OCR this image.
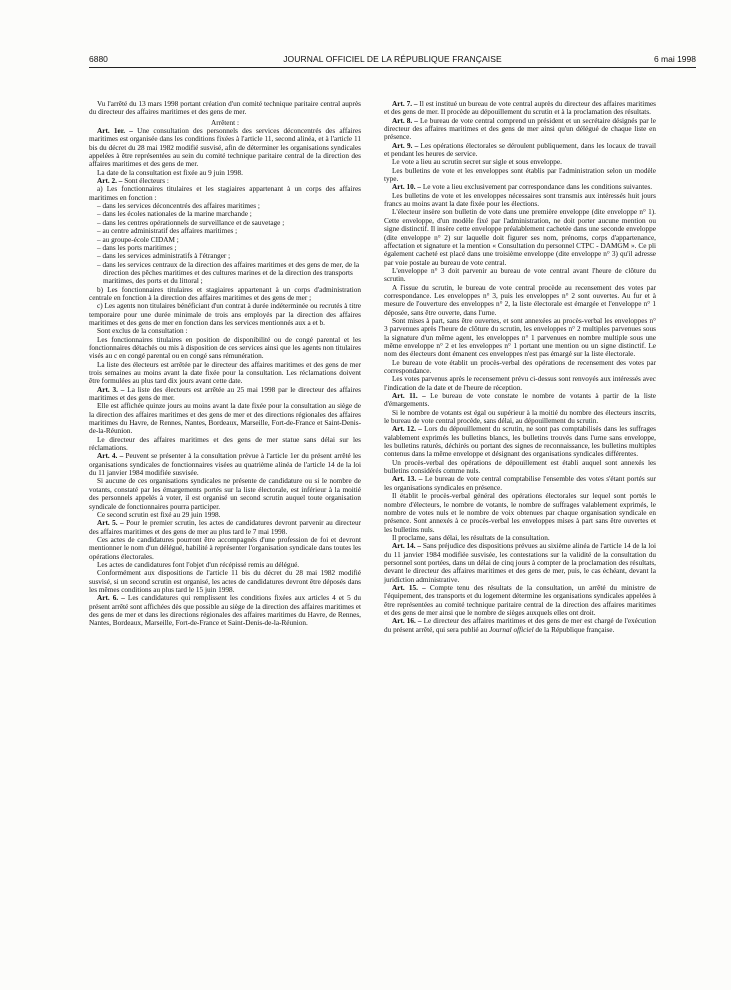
6880	JOURNAL OFFICIEL DE LA RÉPUBLIQUE FRANÇAISE	6 mai 1998

Vu l'arrêté du 13 mars 1998 portant création d'un comité technique paritaire central auprès du directeur des affaires maritimes et des gens de mer.

Arrêtent :

Art. 1er. – Une consultation des personnels des services déconcentrés des affaires maritimes est organisée dans les conditions fixées à l'article 11, second alinéa, et à l'article 11 bis du décret du 28 mai 1982 modifié susvisé, afin de déterminer les organisations syndicales appelées à être représentées au sein du comité technique paritaire central de la direction des affaires maritimes et des gens de mer.

La date de la consultation est fixée au 9 juin 1998.

Art. 2. – Sont électeurs :

a) Les fonctionnaires titulaires et les stagiaires appartenant à un corps des affaires maritimes en fonction :

– dans les services déconcentrés des affaires maritimes ;
– dans les écoles nationales de la marine marchande ;
– dans les centres opérationnels de surveillance et de sauvetage ;
– au centre administratif des affaires maritimes ;
– au groupe-école CIDAM ;
– dans les ports maritimes ;
– dans les services administratifs à l'étranger ;
– dans les services centraux de la direction des affaires maritimes et des gens de mer, de la direction des pêches maritimes et des cultures marines et de la direction des transports maritimes, des ports et du littoral ;

b) Les fonctionnaires titulaires et stagiaires appartenant à un corps d'administration centrale en fonction à la direction des affaires maritimes et des gens de mer ;

c) Les agents non titulaires bénéficiant d'un contrat à durée indéterminée ou recrutés à titre temporaire pour une durée minimale de trois ans employés par la direction des affaires maritimes et des gens de mer en fonction dans les services mentionnés aux a et b.

Sont exclus de la consultation :

Les fonctionnaires titulaires en position de disponibilité ou de congé parental et les fonctionnaires détachés ou mis à disposition de ces services ainsi que les agents non titulaires visés au c en congé parental ou en congé sans rémunération.

La liste des électeurs est arrêtée par le directeur des affaires maritimes et des gens de mer trois semaines au moins avant la date fixée pour la consultation. Les réclamations doivent être formulées au plus tard dix jours avant cette date.

Art. 3. – La liste des électeurs est arrêtée au 25 mai 1998 par le directeur des affaires maritimes et des gens de mer.

Elle est affichée quinze jours au moins avant la date fixée pour la consultation au siège de la direction des affaires maritimes et des gens de mer et des directions régionales des affaires maritimes du Havre, de Rennes, Nantes, Bordeaux, Marseille, Fort-de-France et Saint-Denis-de-la-Réunion.

Le directeur des affaires maritimes et des gens de mer statue sans délai sur les réclamations.

Art. 4. – Peuvent se présenter à la consultation prévue à l'article 1er du présent arrêté les organisations syndicales de fonctionnaires visées au quatrième alinéa de l'article 14 de la loi du 11 janvier 1984 modifiée susvisée.

Si aucune de ces organisations syndicales ne présente de candidature ou si le nombre de votants, constaté par les émargements portés sur la liste électorale, est inférieur à la moitié des personnels appelés à voter, il est organisé un second scrutin auquel toute organisation syndicale de fonctionnaires pourra participer.

Ce second scrutin est fixé au 29 juin 1998.

Art. 5. – Pour le premier scrutin, les actes de candidatures devront parvenir au directeur des affaires maritimes et des gens de mer au plus tard le 7 mai 1998.

Ces actes de candidatures pourront être accompagnés d'une profession de foi et devront mentionner le nom d'un délégué, habilité à représenter l'organisation syndicale dans toutes les opérations électorales.

Les actes de candidatures font l'objet d'un récépissé remis au délégué.

Conformément aux dispositions de l'article 11 bis du décret du 28 mai 1982 modifié susvisé, si un second scrutin est organisé, les actes de candidatures devront être déposés dans les mêmes conditions au plus tard le 15 juin 1998.

Art. 6. – Les candidatures qui remplissent les conditions fixées aux articles 4 et 5 du présent arrêté sont affichées dès que possible au siège de la direction des affaires maritimes et des gens de mer et dans les directions régionales des affaires maritimes du Havre, de Rennes, Nantes, Bordeaux, Marseille, Fort-de-France et Saint-Denis-de-la-Réunion.

Art. 7. – Il est institué un bureau de vote central auprès du directeur des affaires maritimes et des gens de mer. Il procède au dépouillement du scrutin et à la proclamation des résultats.

Art. 8. – Le bureau de vote central comprend un président et un secrétaire désignés par le directeur des affaires maritimes et des gens de mer ainsi qu'un délégué de chaque liste en présence.

Art. 9. – Les opérations électorales se déroulent publiquement, dans les locaux de travail et pendant les heures de service.

Le vote a lieu au scrutin secret sur sigle et sous enveloppe.

Les bulletins de vote et les enveloppes sont établis par l'administration selon un modèle type.

Art. 10. – Le vote a lieu exclusivement par correspondance dans les conditions suivantes.

Les bulletins de vote et les enveloppes nécessaires sont transmis aux intéressés huit jours francs au moins avant la date fixée pour les élections.

L'électeur insère son bulletin de vote dans une première enveloppe (dite enveloppe n° 1). Cette enveloppe, d'un modèle fixé par l'administration, ne doit porter aucune mention ou signe distinctif. Il insère cette enveloppe préalablement cachetée dans une seconde enveloppe (dite enveloppe n° 2) sur laquelle doit figurer ses nom, prénoms, corps d'appartenance, affectation et signature et la mention « Consultation du personnel CTPC - DAMGM ». Ce pli également cacheté est placé dans une troisième enveloppe (dite enveloppe n° 3) qu'il adresse par voie postale au bureau de vote central.

L'enveloppe n° 3 doit parvenir au bureau de vote central avant l'heure de clôture du scrutin.

A l'issue du scrutin, le bureau de vote central procède au recensement des votes par correspondance. Les enveloppes n° 3, puis les enveloppes n° 2 sont ouvertes. Au fur et à mesure de l'ouverture des enveloppes n° 2, la liste électorale est émargée et l'enveloppe n° 1 déposée, sans être ouverte, dans l'urne.

Sont mises à part, sans être ouvertes, et sont annexées au procès-verbal les enveloppes n° 3 parvenues après l'heure de clôture du scrutin, les enveloppes n° 2 multiples parvenues sous la signature d'un même agent, les enveloppes n° 1 parvenues en nombre multiple sous une même enveloppe n° 2 et les enveloppes n° 1 portant une mention ou un signe distinctif. Le nom des électeurs dont émanent ces enveloppes n'est pas émargé sur la liste électorale.

Le bureau de vote établit un procès-verbal des opérations de recensement des votes par correspondance.

Les votes parvenus après le recensement prévu ci-dessus sont renvoyés aux intéressés avec l'indication de la date et de l'heure de réception.

Art. 11. – Le bureau de vote constate le nombre de votants à partir de la liste d'émargements.

Si le nombre de votants est égal ou supérieur à la moitié du nombre des électeurs inscrits, le bureau de vote central procède, sans délai, au dépouillement du scrutin.

Art. 12. – Lors du dépouillement du scrutin, ne sont pas comptabilisés dans les suffrages valablement exprimés les bulletins blancs, les bulletins trouvés dans l'urne sans enveloppe, les bulletins raturés, déchirés ou portant des signes de reconnaissance, les bulletins multiples contenus dans la même enveloppe et désignant des organisations syndicales différentes.

Un procès-verbal des opérations de dépouillement est établi auquel sont annexés les bulletins considérés comme nuls.

Art. 13. – Le bureau de vote central comptabilise l'ensemble des votes s'étant portés sur les organisations syndicales en présence.

Il établit le procès-verbal général des opérations électorales sur lequel sont portés le nombre d'électeurs, le nombre de votants, le nombre de suffrages valablement exprimés, le nombre de votes nuls et le nombre de voix obtenues par chaque organisation syndicale en présence. Sont annexés à ce procès-verbal les enveloppes mises à part sans être ouvertes et les bulletins nuls.

Il proclame, sans délai, les résultats de la consultation.

Art. 14. – Sans préjudice des dispositions prévues au sixième alinéa de l'article 14 de la loi du 11 janvier 1984 modifiée susvisée, les contestations sur la validité de la consultation du personnel sont portées, dans un délai de cinq jours à compter de la proclamation des résultats, devant le directeur des affaires maritimes et des gens de mer, puis, le cas échéant, devant la juridiction administrative.

Art. 15. – Compte tenu des résultats de la consultation, un arrêté du ministre de l'équipement, des transports et du logement détermine les organisations syndicales appelées à être représentées au comité technique paritaire central de la direction des affaires maritimes et des gens de mer ainsi que le nombre de sièges auxquels elles ont droit.

Art. 16. – Le directeur des affaires maritimes et des gens de mer est chargé de l'exécution du présent arrêté, qui sera publié au Journal officiel de la République française.
